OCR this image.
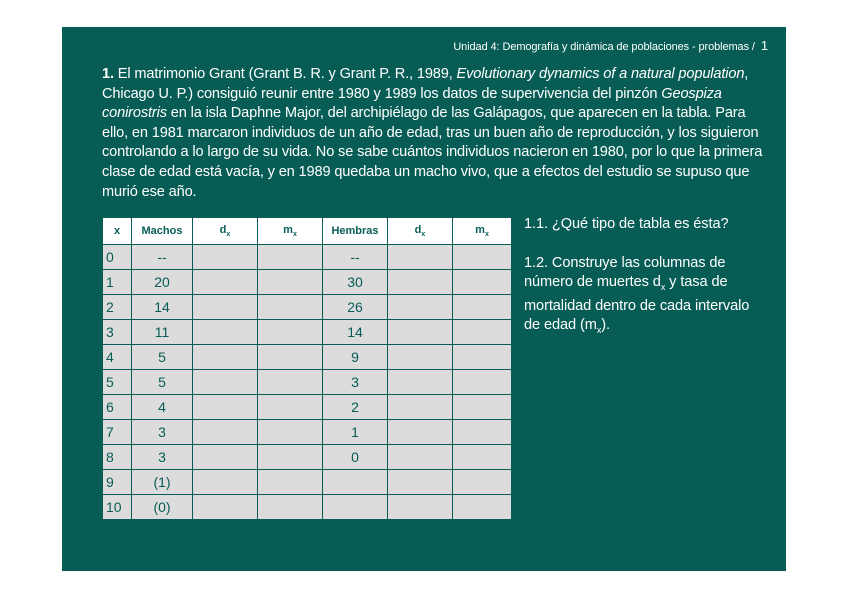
Unidad 4: Demografía y dinámica de poblaciones - problemas / 1
1. El matrimonio Grant (Grant B. R. y Grant P. R., 1989, Evolutionary dynamics of a natural population, Chicago U. P.) consiguió reunir entre 1980 y 1989 los datos de supervivencia del pinzón Geospiza conirostris en la isla Daphne Major, del archipiélago de las Galápagos, que aparecen en la tabla. Para ello, en 1981 marcaron individuos de un año de edad, tras un buen año de reproducción, y los siguieron controlando a lo largo de su vida. No se sabe cuántos individuos nacieron en 1980, por lo que la primera clase de edad está vacía, y en 1989 quedaba un macho vivo, que a efectos del estudio se supuso que murió ese año.
x	Machos	$d_x$	$m_x$	Hembras	$d_x$	$m_x$
0	--			--		
1	20			30		
2	14			26		
3	11			14		
4	5			9		
5	5			3		
6	4			2		
7	3			1		
8	3			0		
9	(1)					
10	(0)					

1.1. ¿Qué tipo de tabla es ésta?

1.2. Construye las columnas de número de muertes $d_x$ y tasa de mortalidad dentro de cada intervalo de edad $(m_x)$.
